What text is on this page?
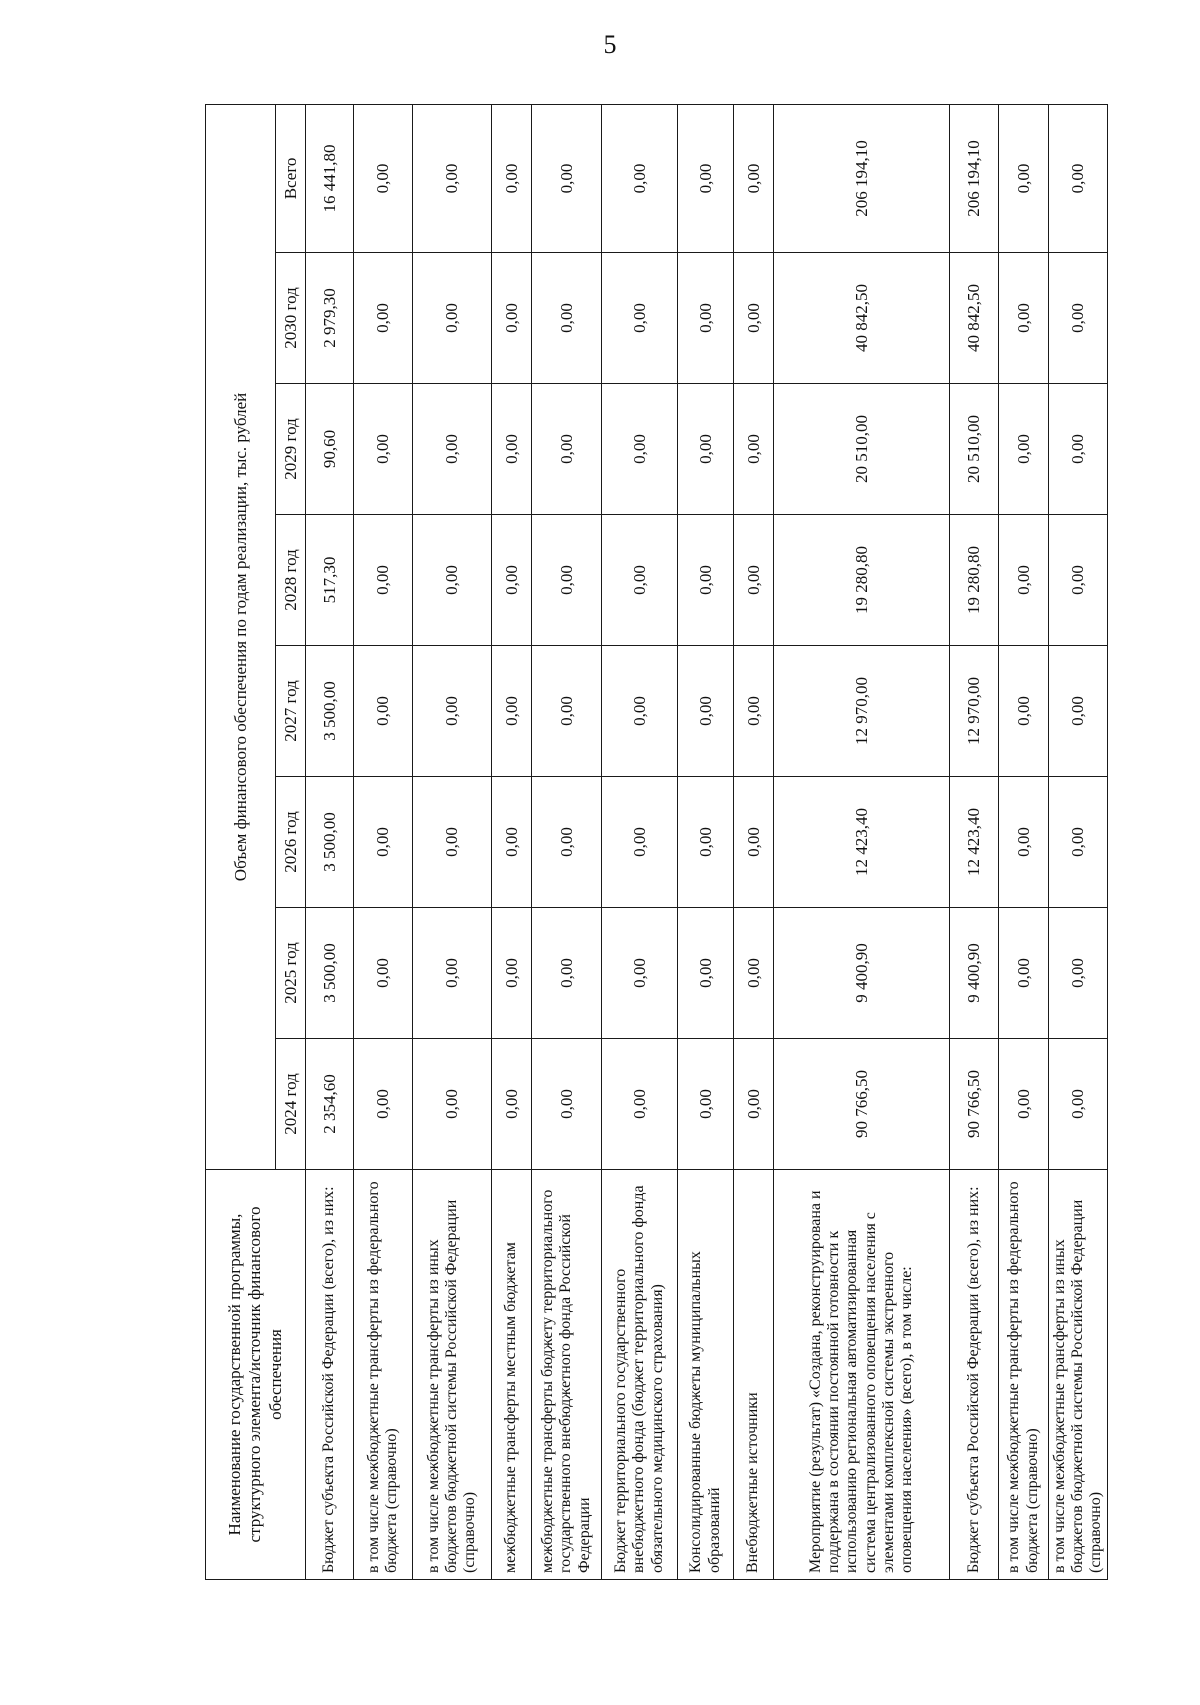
5
Наименование государственной программы, структурного элемента/источник финансового обеспечения	Объем финансового обеспечения по годам реализации, тыс. рублей							
	2024 год	2025 год	2026 год	2027 год	2028 год	2029 год	2030 год	Всего
Бюджет субъекта Российской Федерации (всего), из них:	2 354,60	3 500,00	3 500,00	3 500,00	517,30	90,60	2 979,30	16 441,80
в том числе межбюджетные трансферты из федерального бюджета (справочно)	0,00	0,00	0,00	0,00	0,00	0,00	0,00	0,00
в том числе межбюджетные трансферты из иных бюджетов бюджетной системы Российской Федерации (справочно)	0,00	0,00	0,00	0,00	0,00	0,00	0,00	0,00
межбюджетные трансферты местным бюджетам	0,00	0,00	0,00	0,00	0,00	0,00	0,00	0,00
межбюджетные трансферты бюджету территориального государственного внебюджетного фонда Российской Федерации	0,00	0,00	0,00	0,00	0,00	0,00	0,00	0,00
Бюджет территориального государственного внебюджетного фонда (бюджет территориального фонда обязательного медицинского страхования)	0,00	0,00	0,00	0,00	0,00	0,00	0,00	0,00
Консолидированные бюджеты муниципальных образований	0,00	0,00	0,00	0,00	0,00	0,00	0,00	0,00
Внебюджетные источники	0,00	0,00	0,00	0,00	0,00	0,00	0,00	0,00
Мероприятие (результат) «Создана, реконструирована и поддержана в состоянии постоянной готовности к использованию региональная автоматизированная система централизованного оповещения населения с элементами комплексной системы экстренного оповещения населения» (всего), в том числе:	90 766,50	9 400,90	12 423,40	12 970,00	19 280,80	20 510,00	40 842,50	206 194,10
Бюджет субъекта Российской Федерации (всего), из них:	90 766,50	9 400,90	12 423,40	12 970,00	19 280,80	20 510,00	40 842,50	206 194,10
в том числе межбюджетные трансферты из федерального бюджета (справочно)	0,00	0,00	0,00	0,00	0,00	0,00	0,00	0,00
в том числе межбюджетные трансферты из иных бюджетов бюджетной системы Российской Федерации (справочно)	0,00	0,00	0,00	0,00	0,00	0,00	0,00	0,00
